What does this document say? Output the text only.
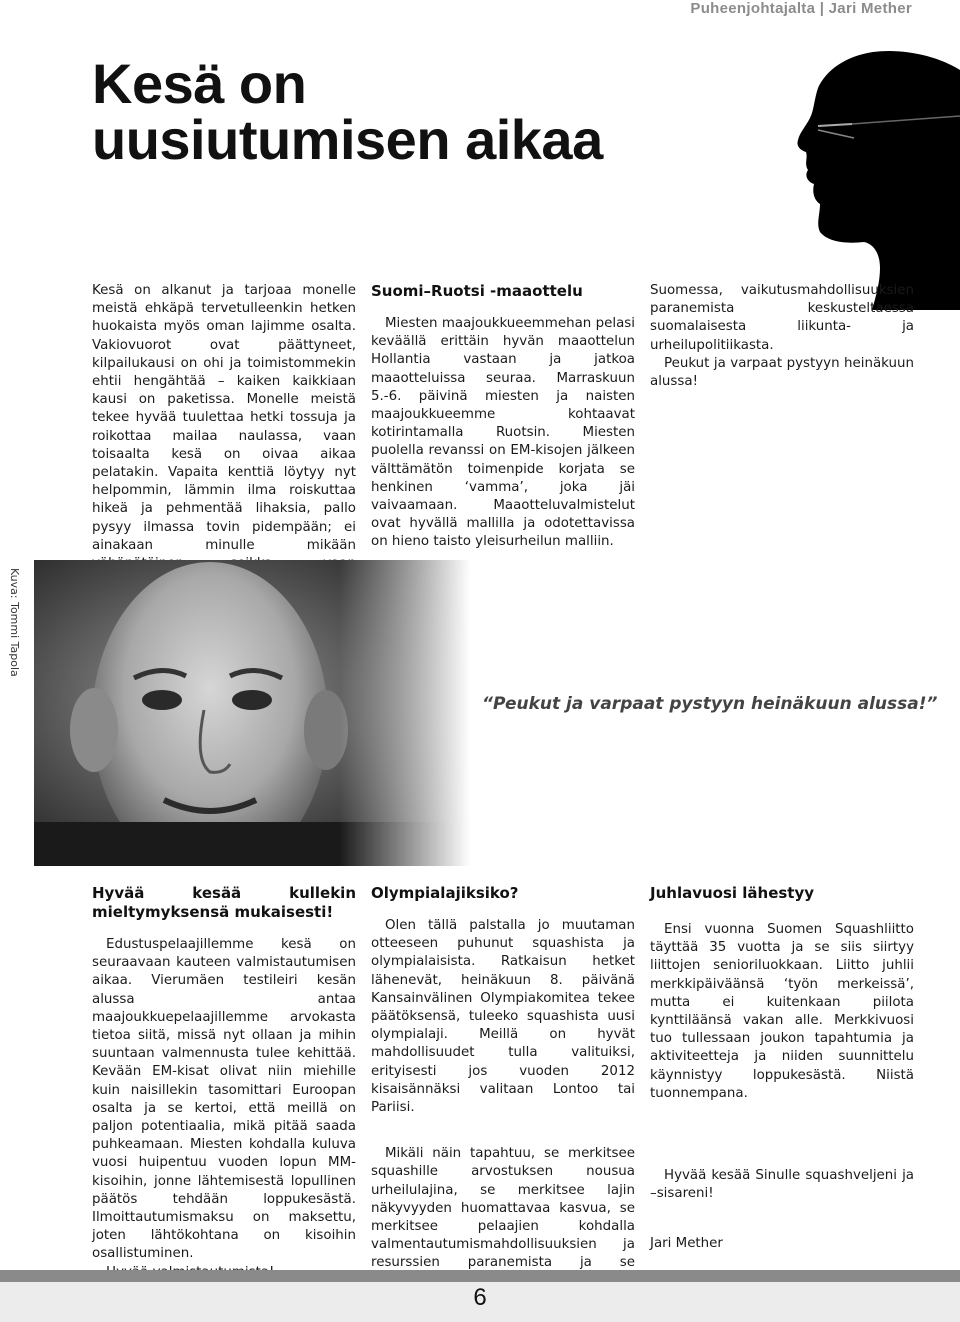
Puheenjohtajalta | Jari Mether
Kesä on
uusiutumisen aikaa

Kesä on alkanut ja tarjoaa monelle meistä ehkäpä tervetulleenkin hetken huokaista myös oman lajimme osalta. Vakiovuorot ovat päättyneet, kilpailukausi on ohi ja toimistommekin ehtii hengähtää – kaiken kaikkiaan kausi on paketissa. Monelle meistä tekee hyvää tuulettaa hetki tossuja ja roikottaa mailaa naulassa, vaan toisaalta kesä on oivaa aikaa pelatakin. Vapaita kenttiä löytyy nyt helpommin, lämmin ilma roiskuttaa hikeä ja pehmentää lihaksia, pallo pysyy ilmassa tovin pidempään; ei ainakaan minulle mikään

Suomi–Ruotsi -maaottelu

Miesten maajoukkueemmehan pelasi keväällä erittäin hyvän maaottelun Hollantia vastaan ja jatkoa maaotteluissa seuraa. Marraskuun 5.-6. päivinä miesten ja naisten maajoukkueemme kohtaavat kotirintamalla Ruotsin. Miesten puolella revanssi on EM-kisojen jälkeen välttämätön toimenpide korjata se henkinen ‘vamma’, joka jäi vaivaamaan. Maaotteluvalmistelut ovat hyvällä mallilla ja odotettavissa on hieno taisto yleisurheilun malliin.

Suomessa, vaikutusmahdollisuuksien paranemista keskusteltaessa suomalaisesta liikunta- ja urheilupolitiikasta.

Peukut ja varpaat pystyyn heinäkuun alussa!

Kuva: Tommi Tapola
“Peukut ja varpaat pystyyn heinäkuun alussa!”
Hyvää kesää kullekin mieltymyksensä mukaisesti!

Edustuspelaajillemme kesä on seuraavaan kauteen valmistautumisen aikaa. Vierumäen testileiri kesän alussa antaa maajoukkuepelaajillemme arvokasta tietoa siitä, missä nyt ollaan ja mihin suuntaan valmennusta tulee kehittää. Kevään EM-kisat olivat niin miehille kuin naisillekin tasomittari Euroopan osalta ja se kertoi, että meillä on paljon potentiaalia, mikä pitää saada puhkeamaan. Miesten kohdalla kuluva vuosi huipentuu vuoden lopun MM-kisoihin, jonne lähtemisestä lopullinen päätös tehdään loppukesästä. Ilmoittautumismaksu on maksettu, joten lähtökohtana on kisoihin osallistuminen.

Olympialajiksiko?

Olen tällä palstalla jo muutaman otteeseen puhunut squashista ja olympialaisista. Ratkaisun hetket lähenevät, heinäkuun 8. päivänä Kansainvälinen Olympiakomitea tekee päätöksensä, tuleeko squashista uusi olympialaji. Meillä on hyvät mahdollisuudet tulla valituiksi, erityisesti jos vuoden 2012 kisaisännäksi valitaan Lontoo tai Pariisi.

Mikäli näin tapahtuu, se merkitsee squashille arvostuksen nousua urheilulajina, se merkitsee lajin näkyvyyden huomattavaa kasvua, se merkitsee pelaajien kohdalla valmentautumismahdollisuuksien ja resurssien paranemista ja se

Juhlavuosi lähestyy

Ensi vuonna Suomen Squashliitto täyttää 35 vuotta ja se siis siirtyy liittojen senioriluokkaan. Liitto juhlii merkkipäiväänsä ‘työn merkeissä’, mutta ei kuitenkaan piilota kynttiläänsä vakan alle. Merkkivuosi tuo tullessaan joukon tapahtumia ja aktiviteetteja ja niiden suunnittelu käynnistyy loppukesästä. Niistä tuonnempana.

Hyvää kesää Sinulle squashveljeni ja –sisareni!

Jari Mether

6
